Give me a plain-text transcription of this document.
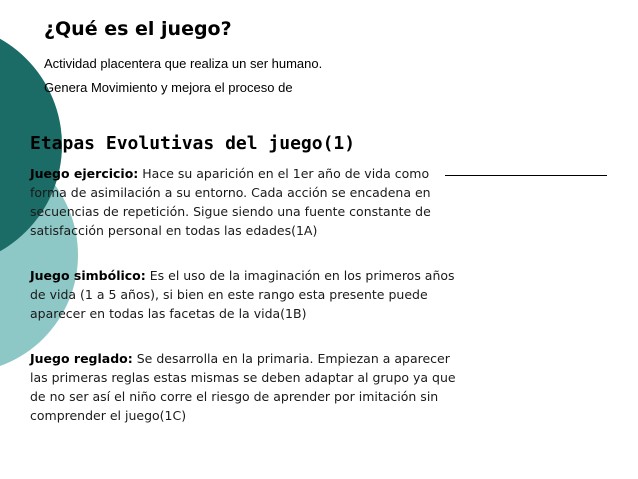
¿Qué es el juego?

Actividad placentera que realiza un ser humano.

Genera Movimiento y mejora el proceso de

Etapas Evolutivas del juego(1)
Juego ejercicio: Hace su aparición en el 1er año de vida como
forma de asimilación a su entorno. Cada acción se encadena en
secuencias de repetición. Sigue siendo una fuente constante de
satisfacción personal en todas las edades(1A)
Juego simbólico: Es el uso de la imaginación en los primeros años
de vida (1 a 5 años), si bien en este rango esta presente puede
aparecer en todas las facetas de la vida(1B)
Juego reglado: Se desarrolla en la primaria. Empiezan a aparecer
las primeras reglas estas mismas se deben adaptar al grupo ya que
de no ser así el niño corre el riesgo de aprender por imitación sin
comprender el juego(1C)
